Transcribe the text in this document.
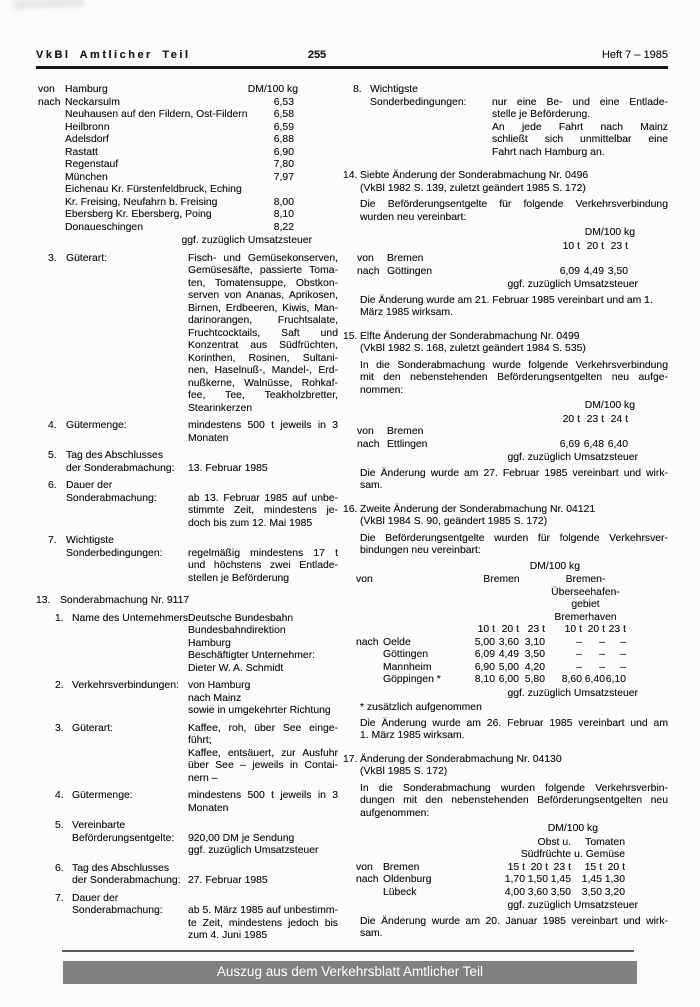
VkBl Amtlicher Teil	255	Heft 7 – 1985
von Hamburg	DM/100 kg
nach Neckarsulm	6,53
Neuhausen auf den Fildern, Ost-Fildern	6,58
Heilbronn	6,59
Adelsdorf	6,88
Rastatt	6,90
Regenstauf	7,80
München	7,97
Eichenau Kr. Fürstenfeldbruck, Eching
Kr. Freising, Neufahrn b. Freising	8,00
Ebersberg Kr. Ebersberg, Poing	8,10
Donaueschingen	8,22
ggf. zuzüglich Umsatzsteuer
3. Güterart:	Fisch- und Gemüsekonserven,
Gemüsesäfte, passierte Toma-
ten, Tomatensuppe, Obstkon-
serven von Ananas, Aprikosen,
Birnen, Erdbeeren, Kiwis, Man-
darinorangen, Fruchtsalate,
Fruchtcocktails, Saft und
Konzentrat aus Südfrüchten,
Korinthen, Rosinen, Sultani-
nen, Haselnuß-, Mandel-, Erd-
nußkerne, Walnüsse, Rohkaf-
fee, Tee, Teakholzbretter,
Stearinkerzen
4. Gütermenge:	mindestens 500 t jeweils in 3
Monaten
5. Tag des Abschlusses
der Sonderabmachung:	13. Februar 1985
6. Dauer der
Sonderabmachung:	ab 13. Februar 1985 auf unbe-
stimmte Zeit, mindestens je-
doch bis zum 12. Mai 1985
7. Wichtigste
Sonderbedingungen:	regelmäßig mindestens 17 t
und höchstens zwei Entlade-
stellen je Beförderung
13. Sonderabmachung Nr. 9117
1. Name des Unternehmers:
Deutsche Bundesbahn
Bundesbahndirektion
Hamburg
Beschäftigter Unternehmer:
Dieter W. A. Schmidt
2. Verkehrsverbindungen: von Hamburg
nach Mainz
sowie in umgekehrter Richtung
3. Güterart:	Kaffee, roh, über See einge-
führt;
Kaffee, entsäuert, zur Ausfuhr
über See – jeweils in Contai-
nern –
4. Gütermenge:	mindestens 500 t jeweils in 3
Monaten
5. Vereinbarte
Beförderungsentgelte:	920,00 DM je Sendung
ggf. zuzüglich Umsatzsteuer
6. Tag des Abschlusses
der Sonderabmachung: 27. Februar 1985
7. Dauer der
Sonderabmachung:	ab 5. März 1985 auf unbestimm-
te Zeit, mindestens jedoch bis
zum 4. Juni 1985
8. Wichtigste
Sonderbedingungen:	nur eine Be- und eine Entlade-
stelle je Beförderung.
An jede Fahrt nach Mainz
schließt sich unmittelbar eine
Fahrt nach Hamburg an.
14. Siebte Änderung der Sonderabmachung Nr. 0496
(VkBl 1982 S. 139, zuletzt geändert 1985 S. 172)
Die Beförderungsentgelte für folgende Verkehrsverbindung
wurden neu vereinbart:
DM/100 kg
10 t 20 t 23 t
von	Bremen
nach Göttingen	6,09 4,49 3,50
ggf. zuzüglich Umsatzsteuer
Die Änderung wurde am 21. Februar 1985 vereinbart und am 1.
März 1985 wirksam.
15. Elfte Änderung der Sonderabmachung Nr. 0499
(VkBl 1982 S. 168, zuletzt geändert 1984 S. 535)
In die Sonderabmachung wurde folgende Verkehrsverbindung
mit den nebenstehenden Beförderungsentgelten neu aufge-
nommen:
DM/100 kg
20 t 23 t 24 t
von	Bremen
nach Ettlingen	6,69 6,48 6,40
ggf. zuzüglich Umsatzsteuer
Die Änderung wurde am 27. Februar 1985 vereinbart und wirk-
sam.
16. Zweite Änderung der Sonderabmachung Nr. 04121
(VkBl 1984 S. 90, geändert 1985 S. 172)
Die Beförderungsentgelte wurden für folgende Verkehrsver-
bindungen neu vereinbart:
DM/100 kg
von	Bremen	Bremen-
Überseehafen-
gebiet
Bremerhaven
10 t 20 t 23 t	10 t 20 t 23 t
nach Oelde	5,00 3,60 3,10	–	–	–
Göttingen	6,09 4,49 3,50	–	–	–
Mannheim	6,90 5,00 4,20	–	–	–
Göppingen *	8,10 6,00 5,80	8,60 6,40 6,10
ggf. zuzüglich Umsatzsteuer
* zusätzlich aufgenommen
Die Änderung wurde am 26. Februar 1985 vereinbart und am
1. März 1985 wirksam.
17. Änderung der Sonderabmachung Nr. 04130
(VkBl 1985 S. 172)
In die Sonderabmachung wurden folgende Verkehrsverbin-
dungen mit den nebenstehenden Beförderungsentgelten neu
aufgenommen:
DM/100 kg
Obst u.
Südfrüchte
Tomaten
u. Gemüse
von Bremen	15 t 20 t 23 t	15 t 20 t
nach Oldenburg	1,70 1,50 1,45	1,45 1,30
Lübeck	4,00 3,60 3,50	3,50 3,20
ggf. zuzüglich Umsatzsteuer
Die Änderung wurde am 20. Januar 1985 vereinbart und wirk-
sam.
Auszug aus dem Verkehrsblatt Amtlicher Teil
